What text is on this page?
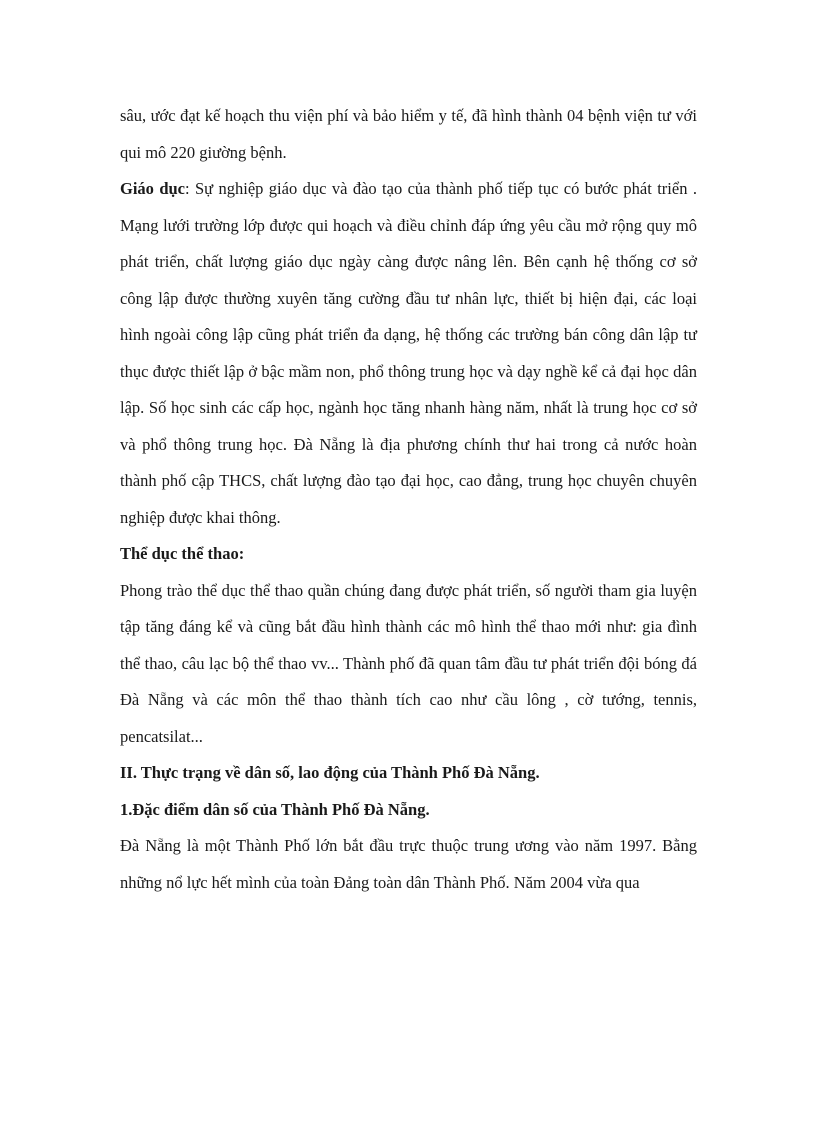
sâu, ước đạt kế hoạch thu viện phí và bảo hiểm y tế, đã hình thành 04 bệnh viện tư với qui mô 220 giường bệnh.

Giáo dục: Sự nghiệp giáo dục và đào tạo của thành phố tiếp tục có bước phát triển . Mạng lưới trường lớp được qui hoạch và điều chỉnh đáp ứng yêu cầu mở rộng quy mô phát triển, chất lượng giáo dục ngày càng được nâng lên. Bên cạnh hệ thống cơ sở công lập được thường xuyên tăng cường đầu tư nhân lực, thiết bị hiện đại, các loại hình ngoài công lập cũng phát triển đa dạng, hệ thống các trường bán công dân lập tư thục được thiết lập ở bậc mầm non, phổ thông trung học và dạy nghề kể cả đại học dân lập. Số học sinh các cấp học, ngành học tăng nhanh hàng năm, nhất là trung học cơ sở và phổ thông trung học. Đà Nẵng là địa phương chính thư hai trong cả nước hoàn thành phố cập THCS, chất lượng đào tạo đại học, cao đẳng, trung học chuyên chuyên nghiệp được khai thông.

Thể dục thể thao:

Phong trào thể dục thể thao quần chúng đang được phát triển, số người tham gia luyện tập tăng đáng kể và cũng bắt đầu hình thành các mô hình thể thao mới như: gia đình thể thao, câu lạc bộ thể thao vv... Thành phố đã quan tâm đầu tư phát triển đội bóng đá Đà Nẵng và các môn thể thao thành tích cao như cầu lông , cờ tướng, tennis, pencatsilat...

II. Thực trạng về dân số, lao động của Thành Phố Đà Nẵng.

1.Đặc điểm dân số của Thành Phố Đà Nẵng.

Đà Nẵng là một Thành Phố lớn bắt đầu trực thuộc trung ương vào năm 1997. Bằng những nổ lực hết mình của toàn Đảng toàn dân Thành Phố. Năm 2004 vừa qua
